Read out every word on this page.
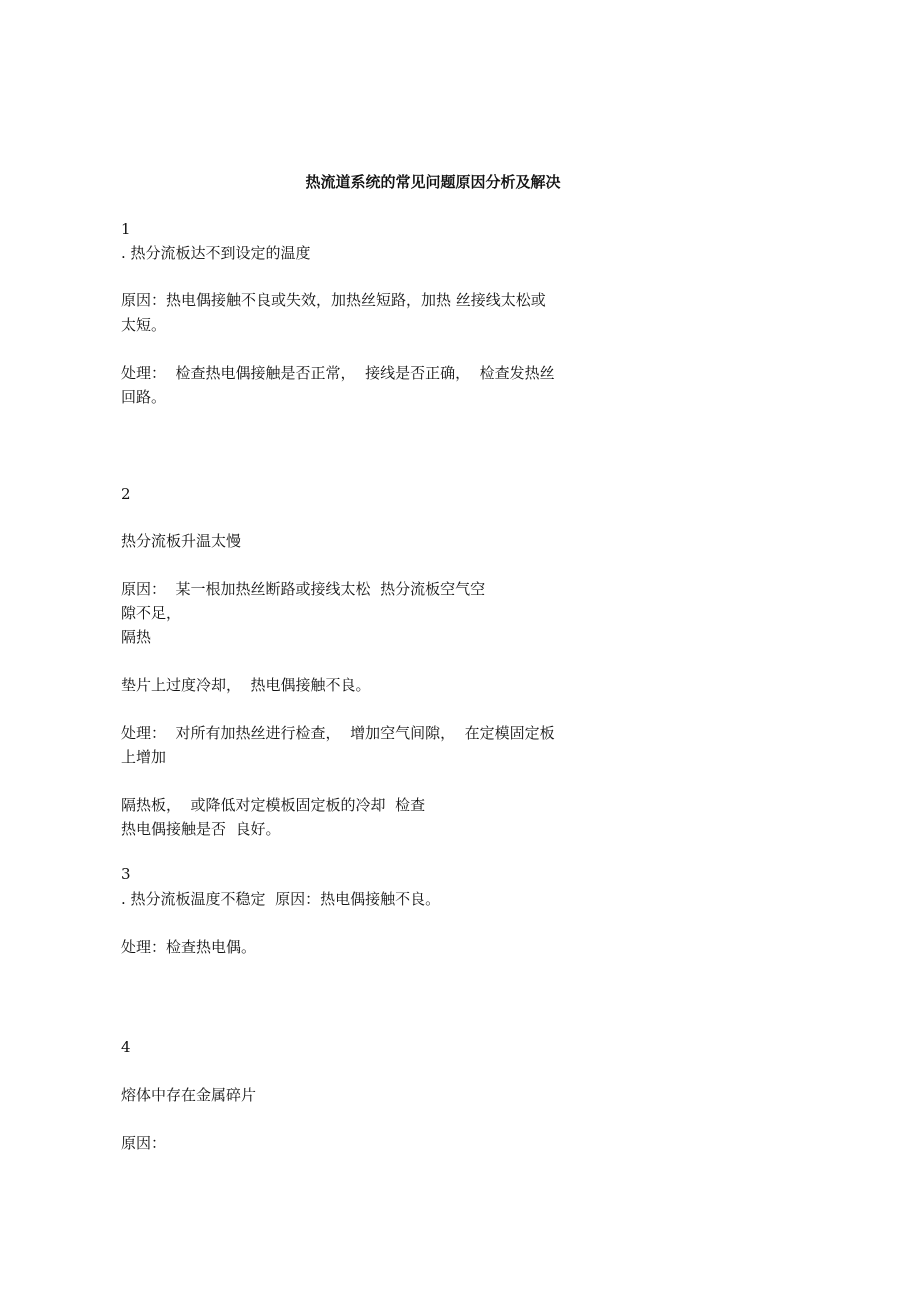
热流道系统的常见问题原因分析及解决

1

. 热分流板达不到设定的温度

原因：热电偶接触不良或失效，加热丝短路，加热 丝接线太松或

太短。

处理：  检查热电偶接触是否正常，  接线是否正确，  检查发热丝

回路。

2

热分流板升温太慢

原因：  某一根加热丝断路或接线太松  热分流板空气空

隙不足，

隔热

垫片上过度冷却，  热电偶接触不良。

处理：  对所有加热丝进行检查，  增加空气间隙，  在定模固定板

上增加

隔热板，  或降低对定模板固定板的冷却  检查

热电偶接触是否  良好。

3

. 热分流板温度不稳定  原因：热电偶接触不良。

处理：检查热电偶。

4

熔体中存在金属碎片

原因：
